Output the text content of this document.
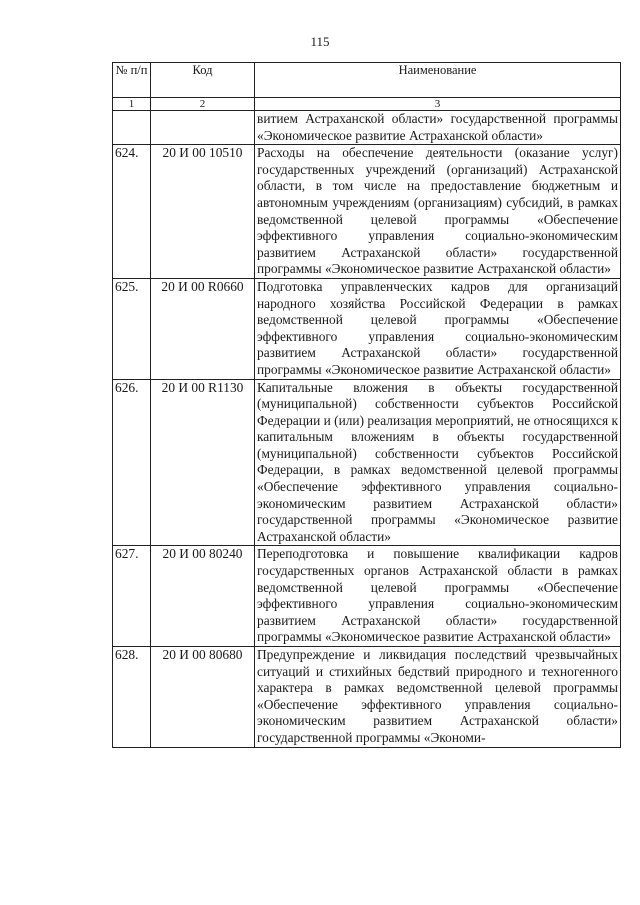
115
№ п/п	Код	Наименование
1	2	3
		витием Астраханской области» государственной программы «Экономическое развитие Астраханской области»
624.	20 И 00 10510	Расходы на обеспечение деятельности (оказание услуг) государственных учреждений (организаций) Астраханской области, в том числе на предоставление бюджетным и автономным учреждениям (организациям) субсидий, в рамках ведомственной целевой программы «Обеспечение эффективного управления социально-экономическим развитием Астраханской области» государственной программы «Экономическое развитие Астраханской области»
625.	20 И 00 R0660	Подготовка управленческих кадров для организаций народного хозяйства Российской Федерации в рамках ведомственной целевой программы «Обеспечение эффективного управления социально-экономическим развитием Астраханской области» государственной программы «Экономическое развитие Астраханской области»
626.	20 И 00 R1130	Капитальные вложения в объекты государственной (муниципальной) собственности субъектов Российской Федерации и (или) реализация мероприятий, не относящихся к капитальным вложениям в объекты государственной (муниципальной) собственности субъектов Российской Федерации, в рамках ведомственной целевой программы «Обеспечение эффективного управления социально-экономическим развитием Астраханской области» государственной программы «Экономическое развитие Астраханской области»
627.	20 И 00 80240	Переподготовка и повышение квалификации кадров государственных органов Астраханской области в рамках ведомственной целевой программы «Обеспечение эффективного управления социально-экономическим развитием Астраханской области» государственной программы «Экономическое развитие Астраханской области»
628.	20 И 00 80680	Предупреждение и ликвидация последствий чрезвычайных ситуаций и стихийных бедствий природного и техногенного характера в рамках ведомственной целевой программы «Обеспечение эффективного управления социально-экономическим развитием Астраханской области» государственной программы «Экономи-
